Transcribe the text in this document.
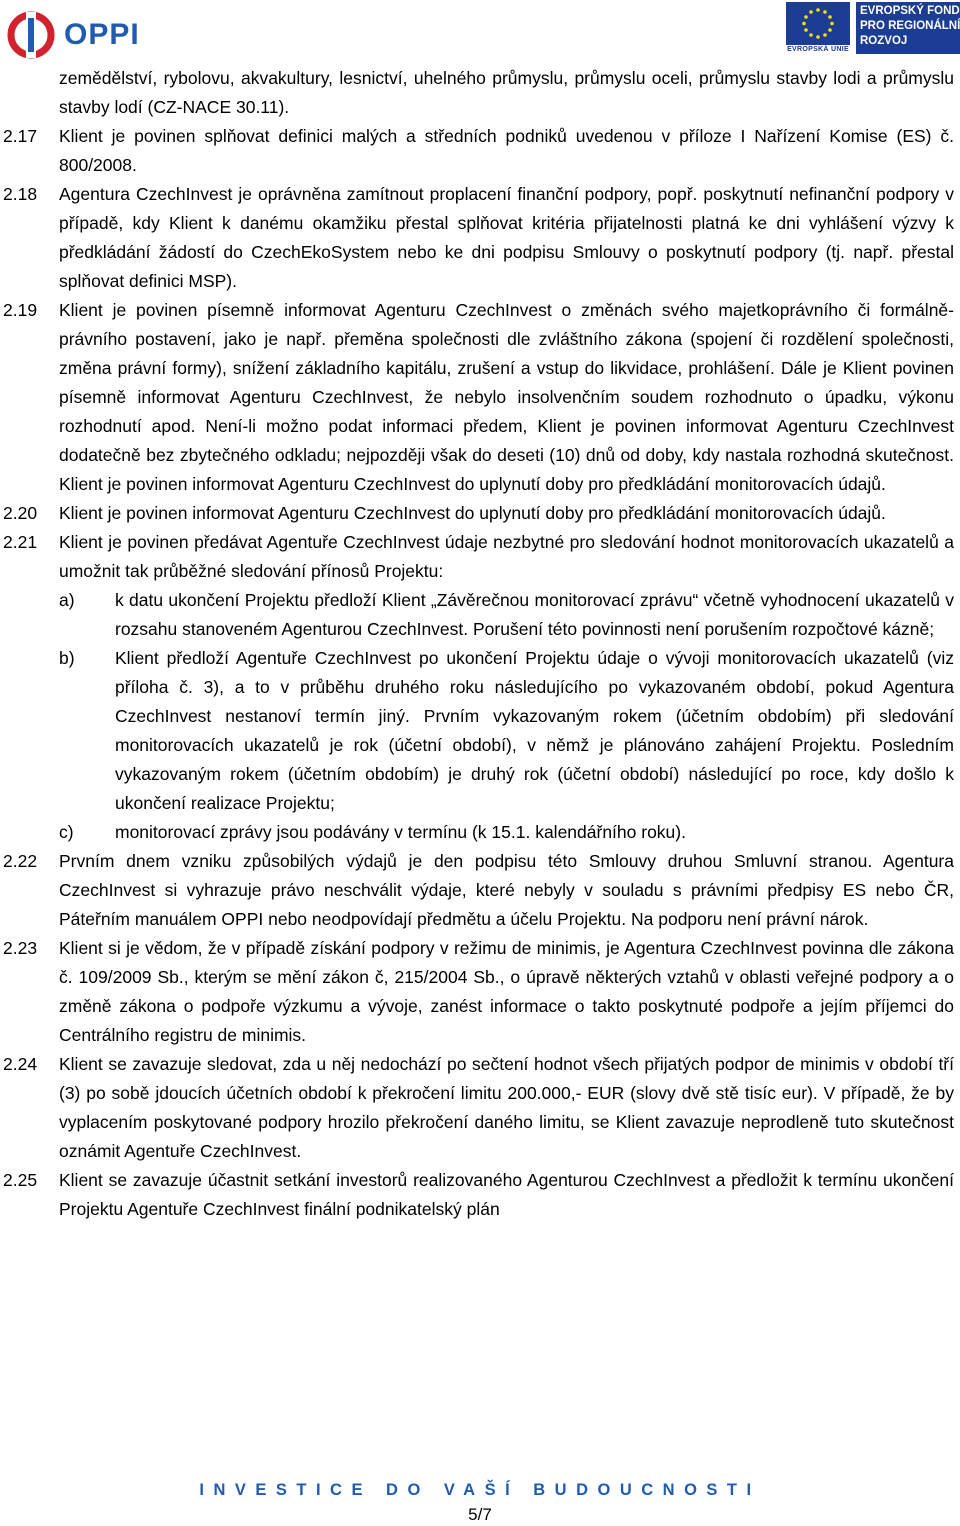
OPPI	EVROPSKÁ UNIE
EVROPSKÝ FOND
PRO REGIONÁLNÍ
ROZVOJ
zemědělství, rybolovu, akvakultury, lesnictví, uhelného průmyslu, průmyslu oceli, průmyslu stavby lodi a průmyslu stavby lodí (CZ-NACE 30.11).
2.17 Klient je povinen splňovat definici malých a středních podniků uvedenou v příloze I Nařízení Komise (ES) č. 800/2008.
2.18 Agentura CzechInvest je oprávněna zamítnout proplacení finanční podpory, popř. poskytnutí nefinanční podpory v případě, kdy Klient k danému okamžiku přestal splňovat kritéria přijatelnosti platná ke dni vyhlášení výzvy k předkládání žádostí do CzechEkoSystem nebo ke dni podpisu Smlouvy o poskytnutí podpory (tj. např. přestal splňovat definici MSP).
2.19 Klient je povinen písemně informovat Agenturu CzechInvest o změnách svého majetkoprávního či formálně-právního postavení, jako je např. přeměna společnosti dle zvláštního zákona (spojení či rozdělení společnosti, změna právní formy), snížení základního kapitálu, zrušení a vstup do likvidace, prohlášení. Dále je Klient povinen písemně informovat Agenturu CzechInvest, že nebylo insolvenčním soudem rozhodnuto o úpadku, výkonu rozhodnutí apod. Není-li možno podat informaci předem, Klient je povinen informovat Agenturu CzechInvest dodatečně bez zbytečného odkladu; nejpozději však do deseti (10) dnů od doby, kdy nastala rozhodná skutečnost. Klient je povinen informovat Agenturu CzechInvest do uplynutí doby pro předkládání monitorovacích údajů.
2.20 Klient je povinen informovat Agenturu CzechInvest do uplynutí doby pro předkládání monitorovacích údajů.
2.21 Klient je povinen předávat Agentuře CzechInvest údaje nezbytné pro sledování hodnot monitorovacích ukazatelů a umožnit tak průběžné sledování přínosů Projektu:
a) k datu ukončení Projektu předloží Klient „Závěrečnou monitorovací zprávu“ včetně vyhodnocení ukazatelů v rozsahu stanoveném Agenturou CzechInvest. Porušení této povinnosti není porušením rozpočtové kázně;
b) Klient předloží Agentuře CzechInvest po ukončení Projektu údaje o vývoji monitorovacích ukazatelů (viz příloha č. 3), a to v průběhu druhého roku následujícího po vykazovaném období, pokud Agentura CzechInvest nestanoví termín jiný. Prvním vykazovaným rokem (účetním obdobím) při sledování monitorovacích ukazatelů je rok (účetní období), v němž je plánováno zahájení Projektu. Posledním vykazovaným rokem (účetním obdobím) je druhý rok (účetní období) následující po roce, kdy došlo k ukončení realizace Projektu;
c) monitorovací zprávy jsou podávány v termínu (k 15.1. kalendářního roku).
2.22 Prvním dnem vzniku způsobilých výdajů je den podpisu této Smlouvy druhou Smluvní stranou. Agentura CzechInvest si vyhrazuje právo neschválit výdaje, které nebyly v souladu s právními předpisy ES nebo ČR, Páteřním manuálem OPPI nebo neodpovídají předmětu a účelu Projektu. Na podporu není právní nárok.
2.23 Klient si je vědom, že v případě získání podpory v režimu de minimis, je Agentura CzechInvest povinna dle zákona č. 109/2009 Sb., kterým se mění zákon č, 215/2004 Sb., o úpravě některých vztahů v oblasti veřejné podpory a o změně zákona o podpoře výzkumu a vývoje, zanést informace o takto poskytnuté podpoře a jejím příjemci do Centrálního registru de minimis.
2.24 Klient se zavazuje sledovat, zda u něj nedochází po sečtení hodnot všech přijatých podpor de minimis v období tří (3) po sobě jdoucích účetních období k překročení limitu 200.000,- EUR (slovy dvě stě tisíc eur). V případě, že by vyplacením poskytované podpory hrozilo překročení daného limitu, se Klient zavazuje neprodleně tuto skutečnost oznámit Agentuře CzechInvest.
2.25 Klient se zavazuje účastnit setkání investorů realizovaného Agenturou CzechInvest a předložit k termínu ukončení Projektu Agentuře CzechInvest finální podnikatelský plán
INVESTICE DO VAŠÍ BUDOUCNOSTI
5/7
